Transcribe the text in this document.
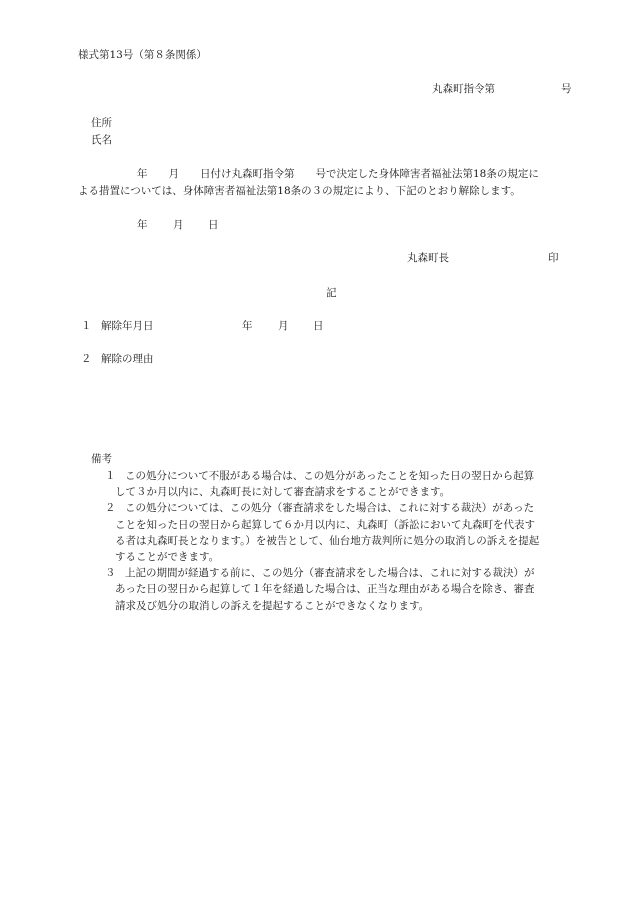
様式第13号（第８条関係）
丸森町指令第	号
住所
氏名
年　　月　　日付け丸森町指令第　　号で決定した身体障害者福祉法第18条の規定に
よる措置については、身体障害者福祉法第18条の３の規定により、下記のとおり解除します。
年 月 日
丸森町長	印
記
１ 解除年月日	年 月 日
２ 解除の理由
備考
１ この処分について不服がある場合は、この処分があったことを知った日の翌日から起算
して３か月以内に、丸森町長に対して審査請求をすることができます。
２ この処分については、この処分（審査請求をした場合は、これに対する裁決）があった
ことを知った日の翌日から起算して６か月以内に、丸森町（訴訟において丸森町を代表す
る者は丸森町長となります。）を被告として、仙台地方裁判所に処分の取消しの訴えを提起
することができます。
３ 上記の期間が経過する前に、この処分（審査請求をした場合は、これに対する裁決）が
あった日の翌日から起算して１年を経過した場合は、正当な理由がある場合を除き、審査
請求及び処分の取消しの訴えを提起することができなくなります。
